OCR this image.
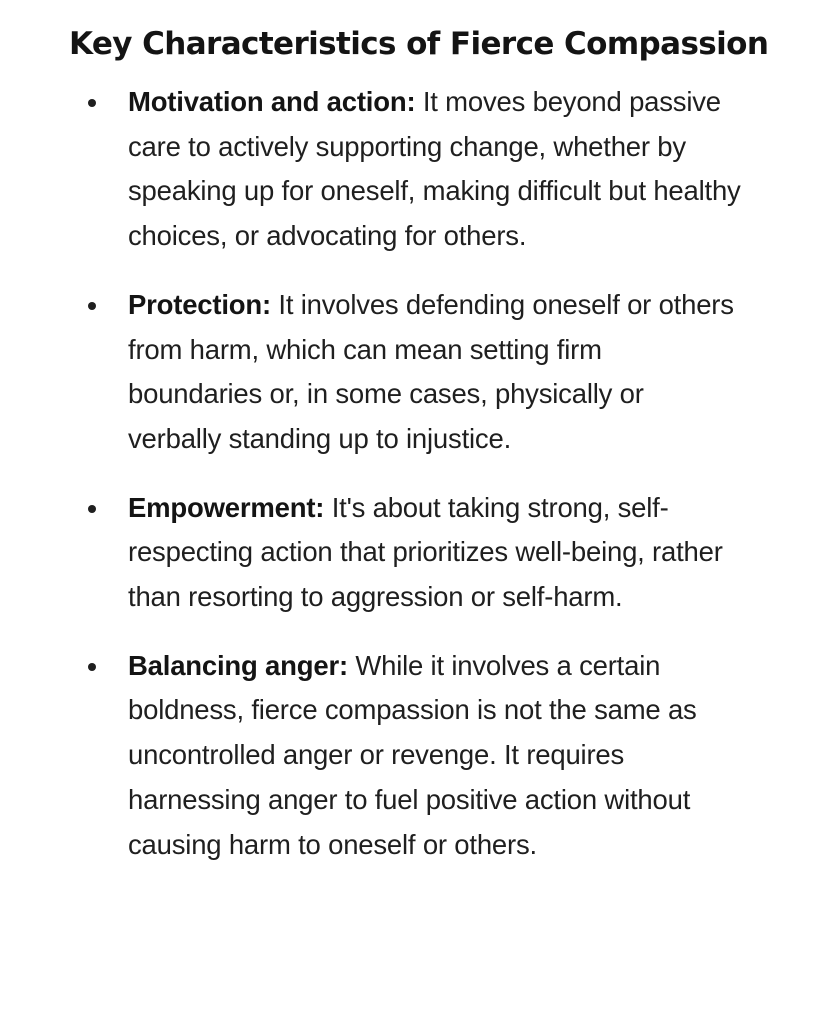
Key Characteristics of Fierce Compassion
Motivation and action: It moves beyond passive care to actively supporting change, whether by speaking up for oneself, making difficult but healthy choices, or advocating for others.
Protection: It involves defending oneself or others from harm, which can mean setting firm boundaries or, in some cases, physically or verbally standing up to injustice.
Empowerment: It's about taking strong, self-respecting action that prioritizes well-being, rather than resorting to aggression or self-harm.
Balancing anger: While it involves a certain boldness, fierce compassion is not the same as uncontrolled anger or revenge. It requires harnessing anger to fuel positive action without causing harm to oneself or others.
